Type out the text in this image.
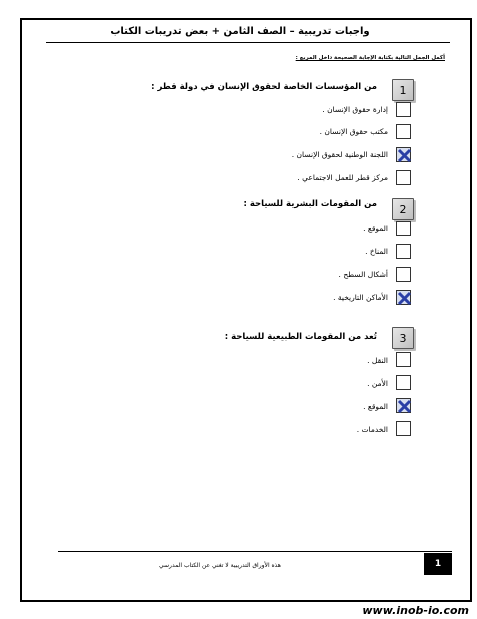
واجبات تدريبية – الصف الثامن + بعض تدريبات الكتاب
أكمل الجمل التالية بكتابة الإجابة الصحيحة داخل المربع :
1
من المؤسسات الخاصة لحقوق الإنسان في دولة قطر :
إدارة حقوق الإنسان .
مكتب حقوق الإنسان .
اللجنة الوطنية لحقوق الإنسان .
مركز قطر للعمل الاجتماعي .
2
من المقومات البشرية للسياحة :
الموقع .
المناخ .
أشكال السطح .
الأماكن التاريخية .
3
تُعد من المقومات الطبيعية للسياحة :
النقل .
الأمن .
الموقع .
الخدمات .
هذه الأوراق التدريبية لا تغني عن الكتاب المدرسي	1
www.inob-io.com
